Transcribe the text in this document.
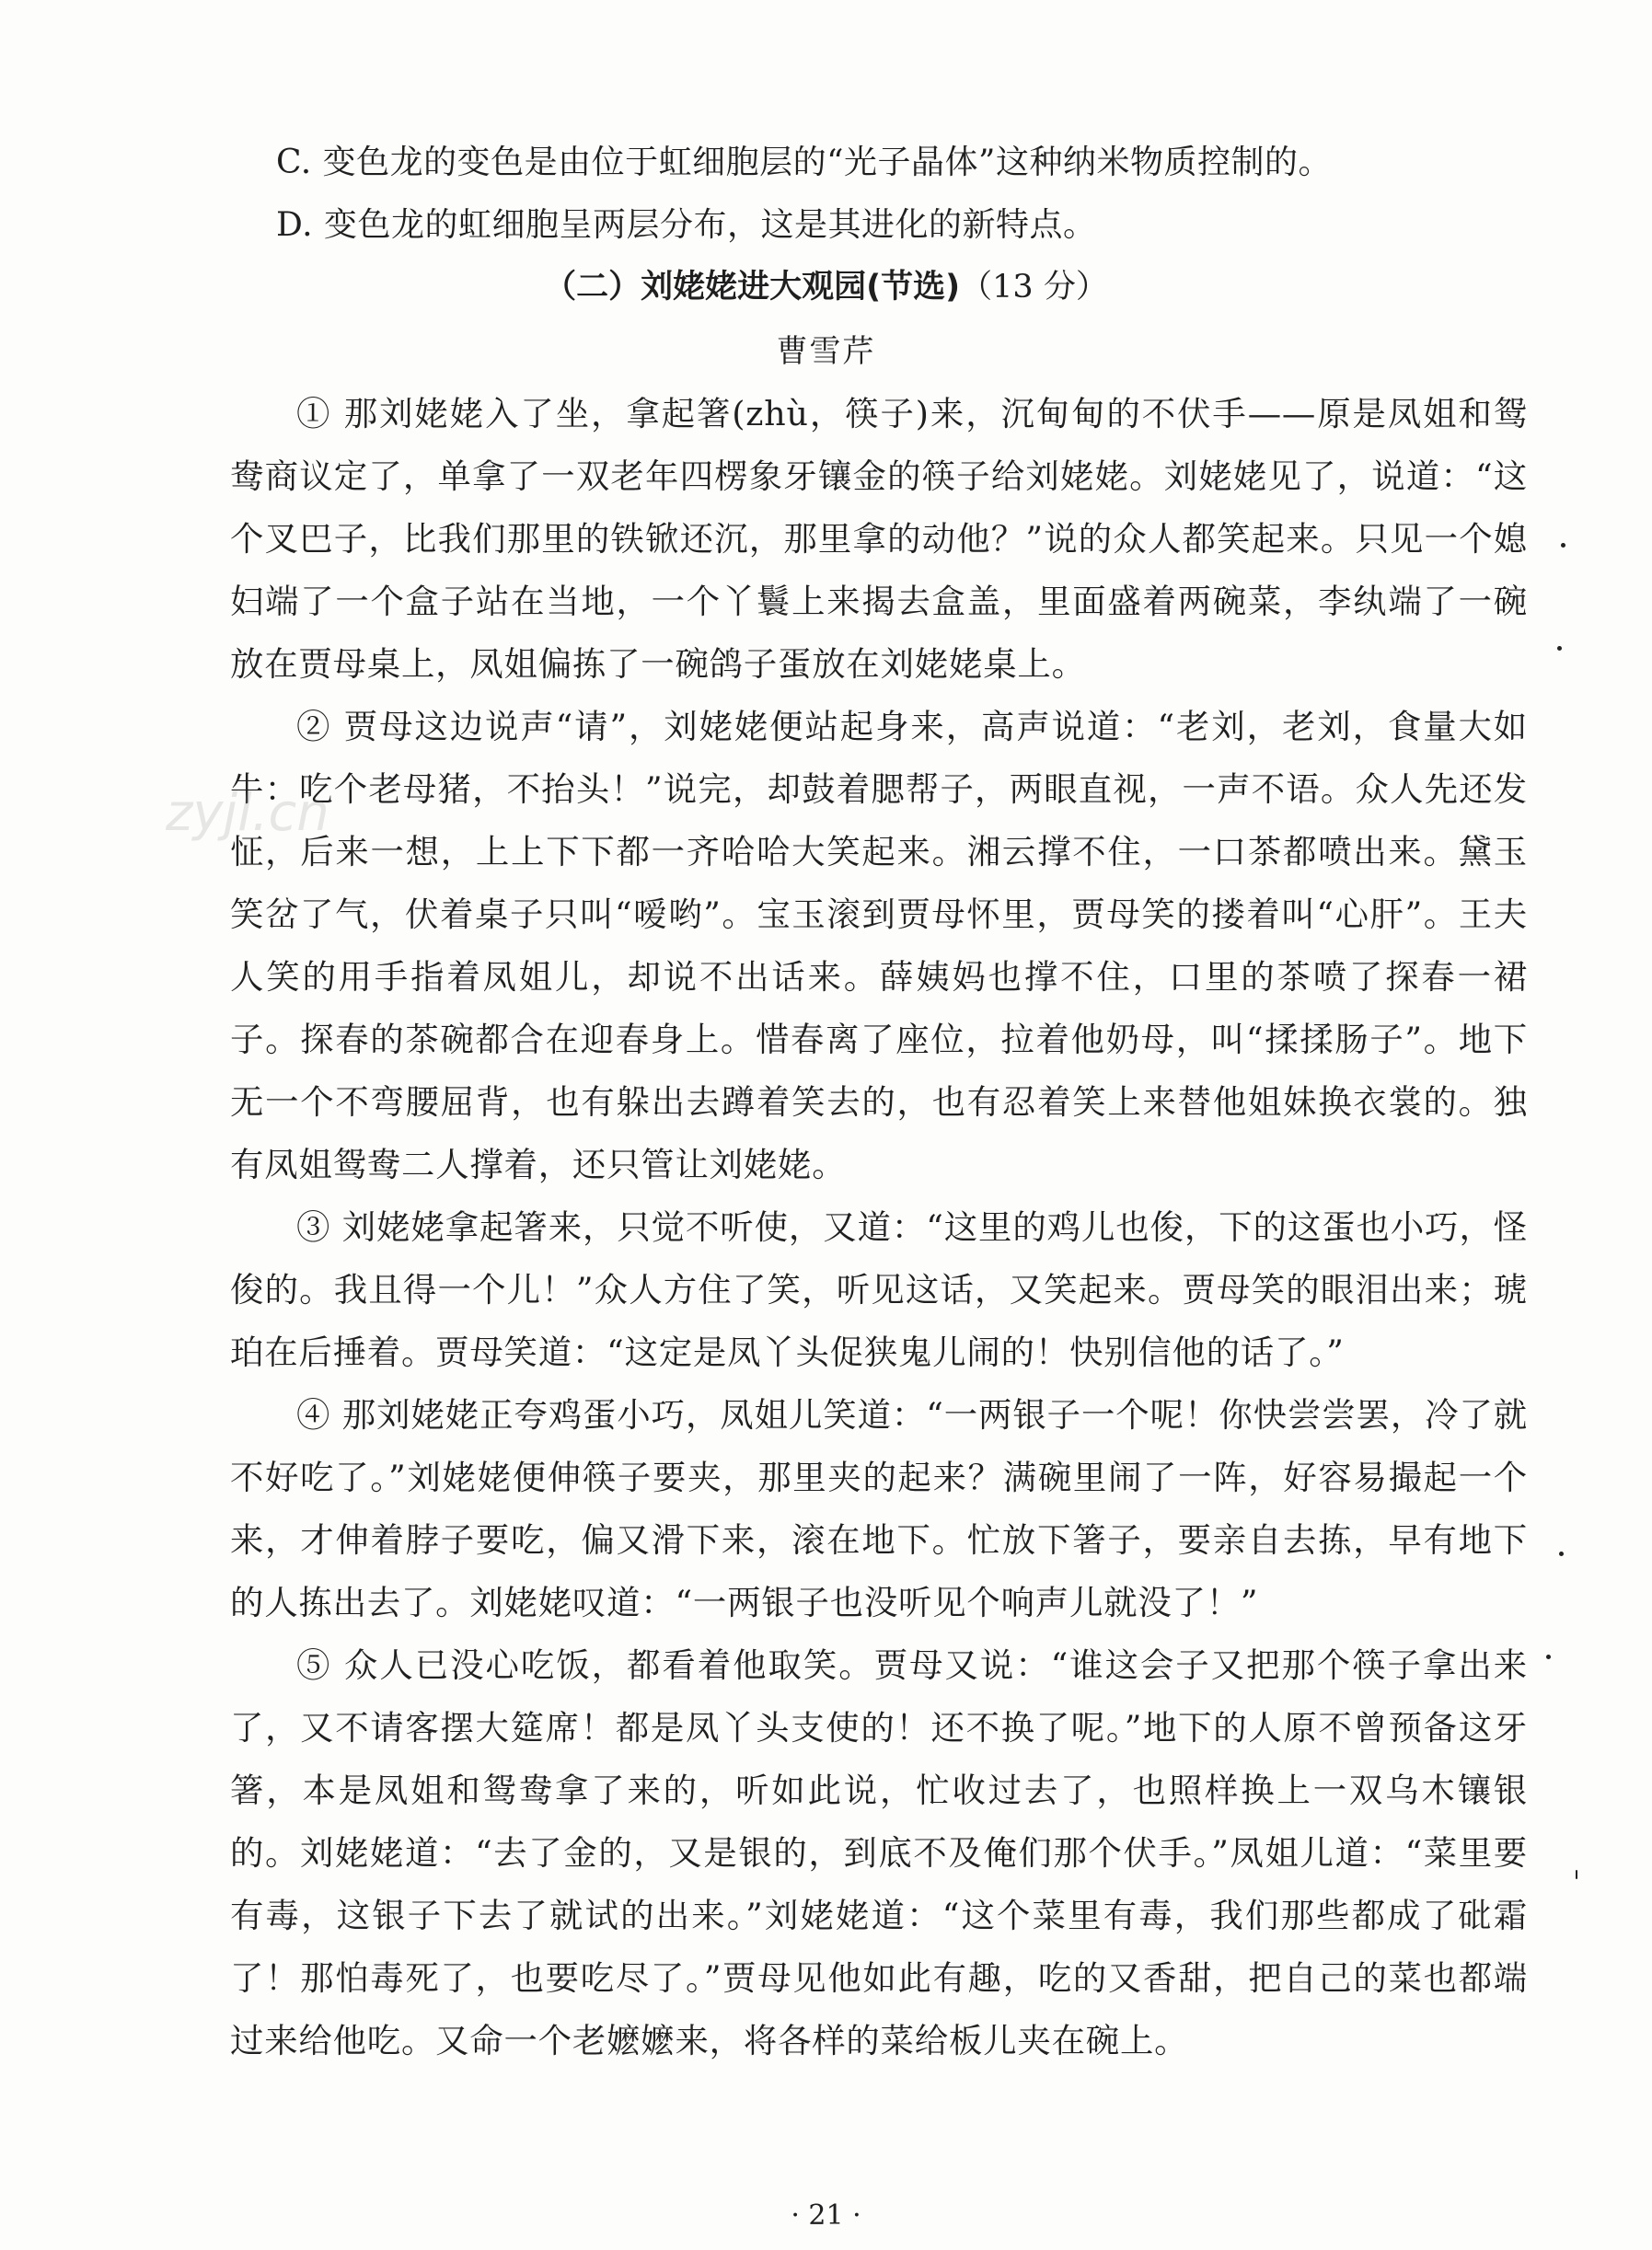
C. 变色龙的变色是由位于虹细胞层的“光子晶体”这种纳米物质控制的。
D. 变色龙的虹细胞呈两层分布，这是其进化的新特点。
（二）刘姥姥进大观园(节选)（13 分）
曹雪芹
① 那刘姥姥入了坐，拿起箸(zhù，筷子)来，沉甸甸的不伏手——原是凤姐和鸳鸯商议定了，单拿了一双老年四楞象牙镶金的筷子给刘姥姥。刘姥姥见了，说道：“这个叉巴子，比我们那里的铁锨还沉，那里拿的动他？”说的众人都笑起来。只见一个媳妇端了一个盒子站在当地，一个丫鬟上来揭去盒盖，里面盛着两碗菜，李纨端了一碗放在贾母桌上，凤姐偏拣了一碗鸽子蛋放在刘姥姥桌上。
② 贾母这边说声“请”，刘姥姥便站起身来，高声说道：“老刘，老刘，食量大如牛：吃个老母猪，不抬头！”说完，却鼓着腮帮子，两眼直视，一声不语。众人先还发怔，后来一想，上上下下都一齐哈哈大笑起来。湘云撑不住，一口茶都喷出来。黛玉笑岔了气，伏着桌子只叫“嗳哟”。宝玉滚到贾母怀里，贾母笑的搂着叫“心肝”。王夫人笑的用手指着凤姐儿，却说不出话来。薛姨妈也撑不住，口里的茶喷了探春一裙子。探春的茶碗都合在迎春身上。惜春离了座位，拉着他奶母，叫“揉揉肠子”。地下无一个不弯腰屈背，也有躲出去蹲着笑去的，也有忍着笑上来替他姐妹换衣裳的。独有凤姐鸳鸯二人撑着，还只管让刘姥姥。
③ 刘姥姥拿起箸来，只觉不听使，又道：“这里的鸡儿也俊，下的这蛋也小巧，怪俊的。我且得一个儿！”众人方住了笑，听见这话，又笑起来。贾母笑的眼泪出来；琥珀在后捶着。贾母笑道：“这定是凤丫头促狭鬼儿闹的！快别信他的话了。”
④ 那刘姥姥正夸鸡蛋小巧，凤姐儿笑道：“一两银子一个呢！你快尝尝罢，冷了就不好吃了。”刘姥姥便伸筷子要夹，那里夹的起来？满碗里闹了一阵，好容易撮起一个来，才伸着脖子要吃，偏又滑下来，滚在地下。忙放下箸子，要亲自去拣，早有地下的人拣出去了。刘姥姥叹道：“一两银子也没听见个响声儿就没了！”
⑤ 众人已没心吃饭，都看着他取笑。贾母又说：“谁这会子又把那个筷子拿出来了，又不请客摆大筵席！都是凤丫头支使的！还不换了呢。”地下的人原不曾预备这牙箸，本是凤姐和鸳鸯拿了来的，听如此说，忙收过去了，也照样换上一双乌木镶银的。刘姥姥道：“去了金的，又是银的，到底不及俺们那个伏手。”凤姐儿道：“菜里要有毒，这银子下去了就试的出来。”刘姥姥道：“这个菜里有毒，我们那些都成了砒霜了！那怕毒死了，也要吃尽了。”贾母见他如此有趣，吃的又香甜，把自己的菜也都端过来给他吃。又命一个老嬷嬷来，将各样的菜给板儿夹在碗上。
· 21 ·
zyjl.cn
